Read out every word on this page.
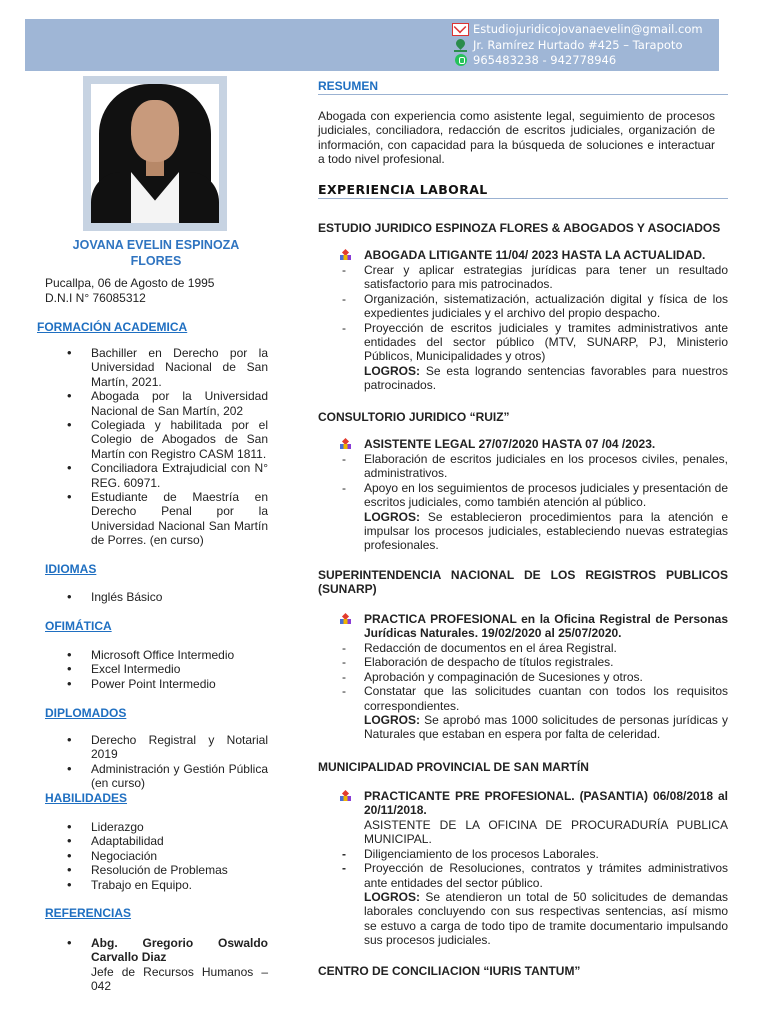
Estudiojuridicojovanaevelin@gmail.com
Jr. Ramírez Hurtado #425 – Tarapoto
965483238 - 942778946
JOVANA EVELIN ESPINOZA
FLORES
Pucallpa, 06 de Agosto de 1995
D.N.I N° 76085312
FORMACIÓN ACADEMICA
• Bachiller en Derecho por la Universidad Nacional de San Martín, 2021.
• Abogada por la Universidad Nacional de San Martín, 202
• Colegiada y habilitada por el Colegio de Abogados de San Martín con Registro CASM 1811.
• Conciliadora Extrajudicial con N° REG. 60971.
• Estudiante de Maestría en Derecho Penal por la Universidad Nacional San Martín de Porres. (en curso)
IDIOMAS
• Inglés Básico
OFIMÁTICA
• Microsoft Office Intermedio
• Excel Intermedio
• Power Point Intermedio
DIPLOMADOS
• Derecho Registral y Notarial 2019
• Administración y Gestión Pública (en curso)
HABILIDADES
• Liderazgo
• Adaptabilidad
• Negociación
• Resolución de Problemas
• Trabajo en Equipo.
REFERENCIAS
• Abg. Gregorio Oswaldo Carvallo Diaz
Jefe de Recursos Humanos – 042
RESUMEN
Abogada con experiencia como asistente legal, seguimiento de procesos judiciales, conciliadora, redacción de escritos judiciales, organización de información, con capacidad para la búsqueda de soluciones e interactuar a todo nivel profesional.
EXPERIENCIA LABORAL
ESTUDIO JURIDICO ESPINOZA FLORES & ABOGADOS Y ASOCIADOS
ABOGADA LITIGANTE 11/04/ 2023 HASTA LA ACTUALIDAD.
- Crear y aplicar estrategias jurídicas para tener un resultado satisfactorio para mis patrocinados.
- Organización, sistematización, actualización digital y física de los expedientes judiciales y el archivo del propio despacho.
- Proyección de escritos judiciales y tramites administrativos ante entidades del sector público (MTV, SUNARP, PJ, Ministerio Públicos, Municipalidades y otros)
LOGROS: Se esta logrando sentencias favorables para nuestros patrocinados.
CONSULTORIO JURIDICO “RUIZ”
ASISTENTE LEGAL 27/07/2020 HASTA 07 /04 /2023.
- Elaboración de escritos judiciales en los procesos civiles, penales, administrativos.
- Apoyo en los seguimientos de procesos judiciales y presentación de escritos judiciales, como también atención al público.
LOGROS: Se establecieron procedimientos para la atención e impulsar los procesos judiciales, estableciendo nuevas estrategias profesionales.
SUPERINTENDENCIA NACIONAL DE LOS REGISTROS PUBLICOS (SUNARP)
PRACTICA PROFESIONAL en la Oficina Registral de Personas Jurídicas Naturales. 19/02/2020 al 25/07/2020.
- Redacción de documentos en el área Registral.
- Elaboración de despacho de títulos registrales.
- Aprobación y compaginación de Sucesiones y otros.
- Constatar que las solicitudes cuantan con todos los requisitos correspondientes.
LOGROS: Se aprobó mas 1000 solicitudes de personas jurídicas y Naturales que estaban en espera por falta de celeridad.
MUNICIPALIDAD PROVINCIAL DE SAN MARTÍN
PRACTICANTE PRE PROFESIONAL. (PASANTIA) 06/08/2018 al 20/11/2018.
ASISTENTE DE LA OFICINA DE PROCURADURÍA PUBLICA MUNICIPAL.
- Diligenciamiento de los procesos Laborales.
- Proyección de Resoluciones, contratos y trámites administrativos ante entidades del sector público.
LOGROS: Se atendieron un total de 50 solicitudes de demandas laborales concluyendo con sus respectivas sentencias, así mismo se estuvo a carga de todo tipo de tramite documentario impulsando sus procesos judiciales.
CENTRO DE CONCILIACION “IURIS TANTUM”
